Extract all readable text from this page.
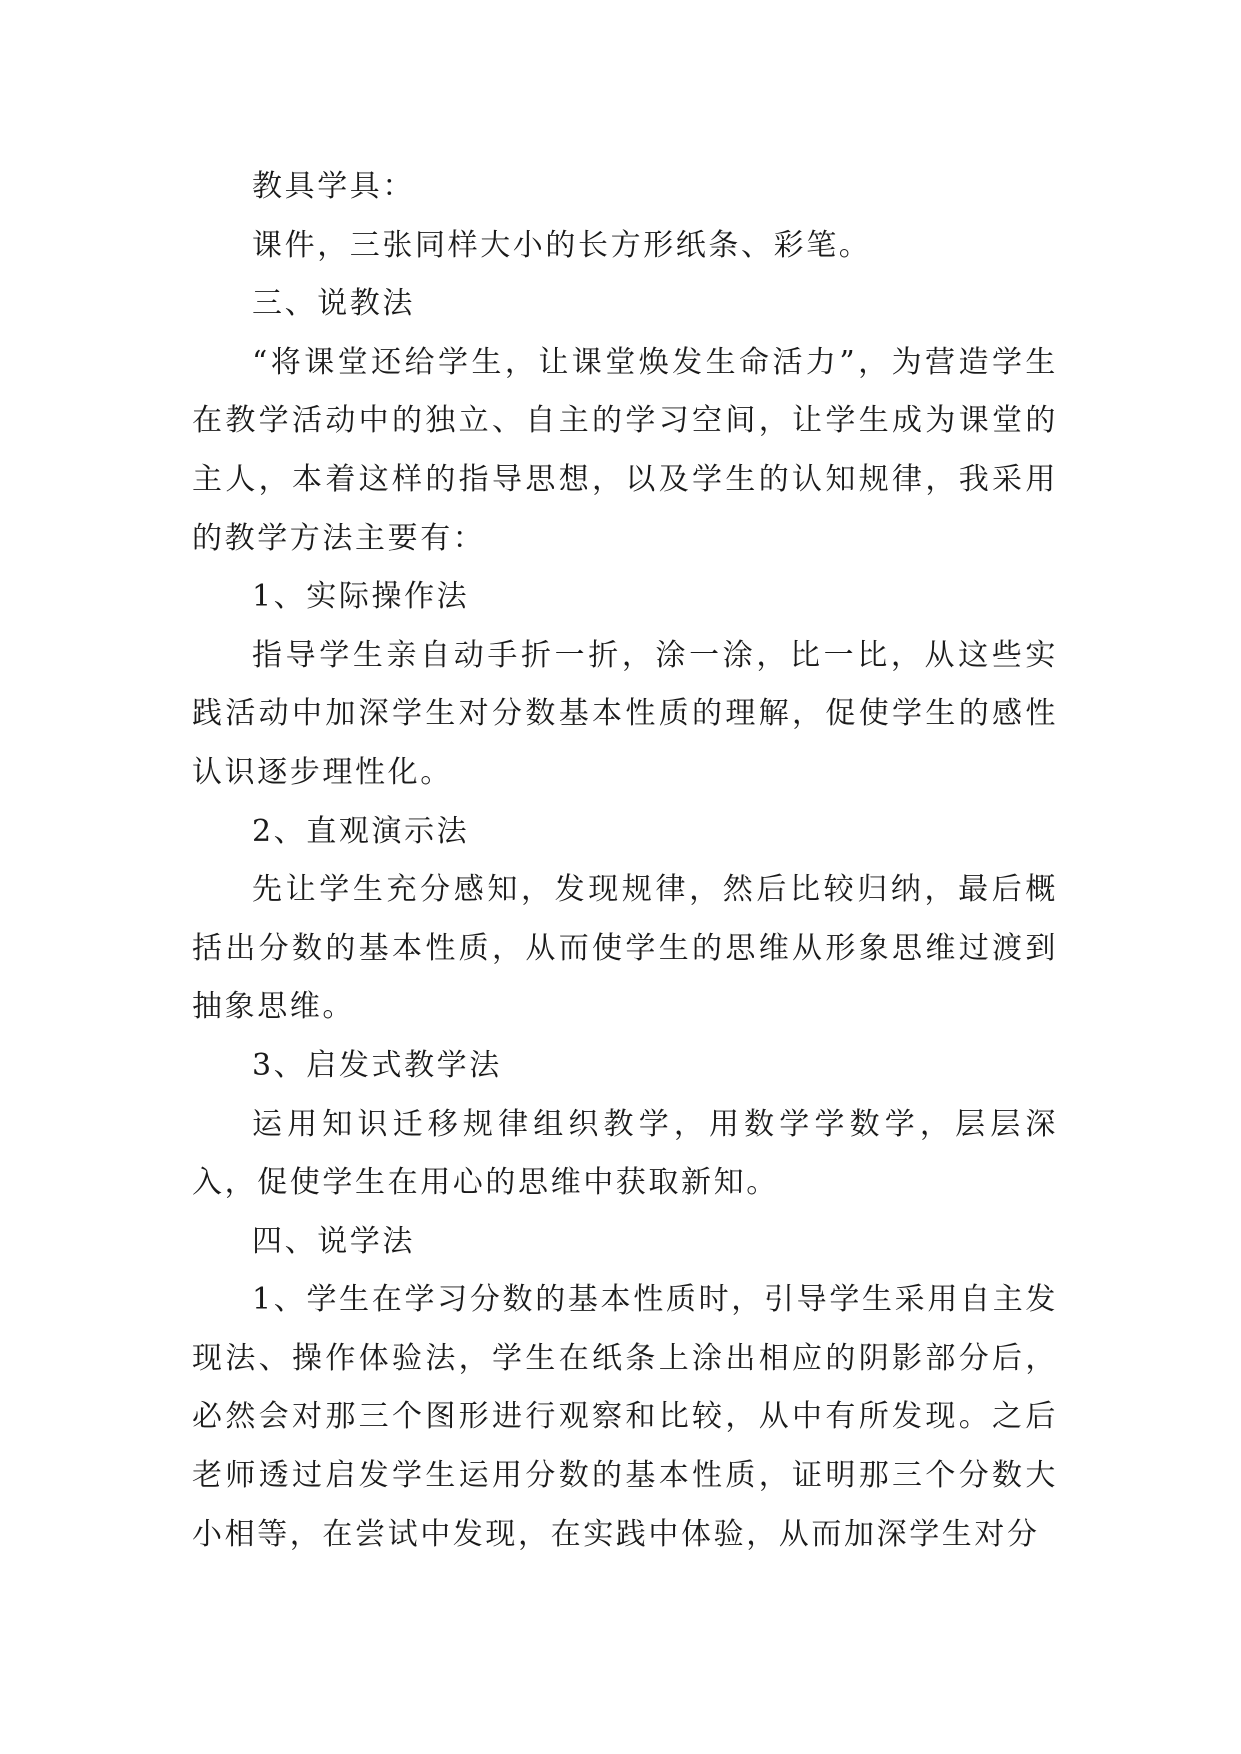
教具学具：

课件，三张同样大小的长方形纸条、彩笔。

三、说教法

“将课堂还给学生，让课堂焕发生命活力”，为营造学生在教学活动中的独立、自主的学习空间，让学生成为课堂的主人，本着这样的指导思想，以及学生的认知规律，我采用的教学方法主要有：

1、实际操作法

指导学生亲自动手折一折，涂一涂，比一比，从这些实践活动中加深学生对分数基本性质的理解，促使学生的感性认识逐步理性化。

2、直观演示法

先让学生充分感知，发现规律，然后比较归纳，最后概括出分数的基本性质，从而使学生的思维从形象思维过渡到抽象思维。

3、启发式教学法

运用知识迁移规律组织教学，用数学学数学，层层深入，促使学生在用心的思维中获取新知。

四、说学法

1、学生在学习分数的基本性质时，引导学生采用自主发现法、操作体验法，学生在纸条上涂出相应的阴影部分后，必然会对那三个图形进行观察和比较，从中有所发现。之后老师透过启发学生运用分数的基本性质，证明那三个分数大小相等，在尝试中发现，在实践中体验，从而加深学生对分
